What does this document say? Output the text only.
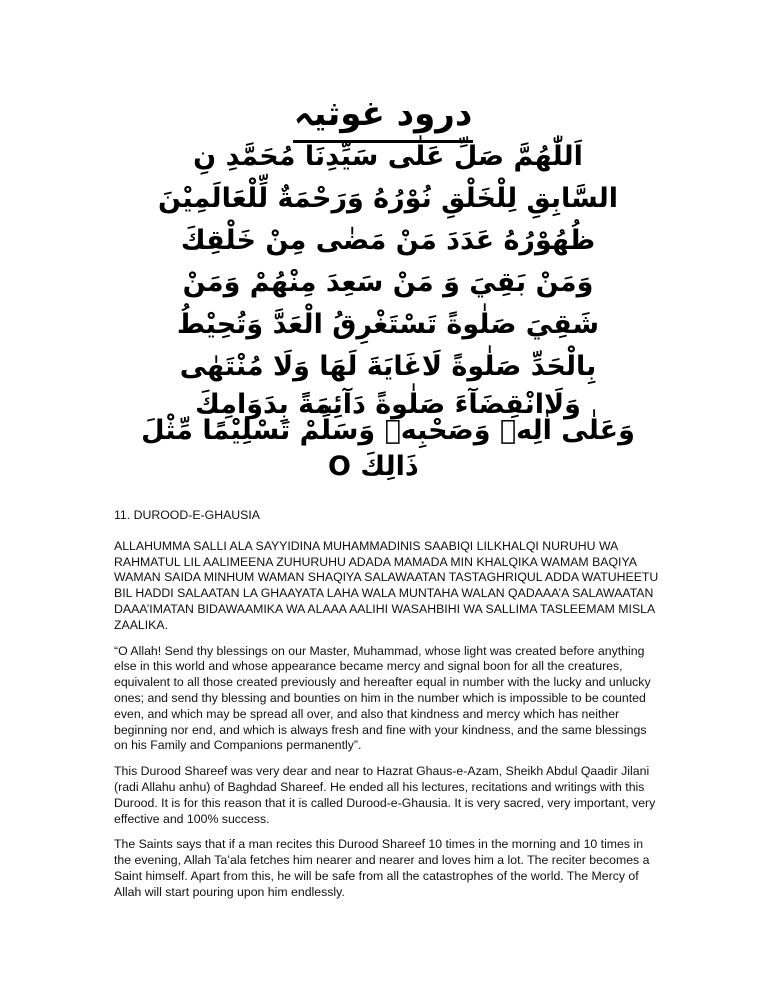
درود غوثیہ
اَللّٰهُمَّ صَلِّ عَلٰى سَيِّدِنَا مُحَمَّدِ نِ
السَّابِقِ لِلْخَلْقِ نُوْرُهُ وَرَحْمَةٌ لِّلْعَالَمِيْنَ
ظُهُوْرُهُ عَدَدَ مَنْ مَضٰى مِنْ خَلْقِكَ
وَمَنْ بَقِيَ وَ مَنْ سَعِدَ مِنْهُمْ وَمَنْ
شَقِيَ صَلٰوةً تَسْتَغْرِقُ الْعَدَّ وَتُحِيْطُ
بِالْحَدِّ صَلٰوةً لَاغَايَةَ لَهَا وَلَا مُنْتَهٰى
وَلَاانْقِضَآءَ صَلٰوةً دَآئِمَةً بِدَوَامِكَ
وَعَلٰى اٰلِهٖ وَصَحْبِهٖ وَسَلِّمْ تَسْلِيْمًا مِّثْلَ
ذَالِكَ O

11. DUROOD-E-GHAUSIA

ALLAHUMMA SALLI ALA SAYYIDINA MUHAMMADINIS SAABIQI LILKHALQI NURUHU WA RAHMATUL LIL AALIMEENA ZUHURUHU ADADA MAMADA MIN KHALQIKA WAMAM BAQIYA WAMAN SAIDA MINHUM WAMAN SHAQIYA SALAWAATAN TASTAGHRIQUL ADDA WATUHEETU BIL HADDI SALAATAN LA GHAAYATA LAHA WALA MUNTAHA WALAN QADAAA’A SALAWAATAN DAAA’IMATAN BIDAWAAMIKA WA ALAAA AALIHI WASAHBIHI WA SALLIMA TASLEEMAM MISLA ZAALIKA.

“O Allah! Send thy blessings on our Master, Muhammad, whose light was created before anything else in this world and whose appearance became mercy and signal boon for all the creatures, equivalent to all those created previously and hereafter equal in number with the lucky and unlucky ones; and send thy blessing and bounties on him in the number which is impossible to be counted even, and which may be spread all over, and also that kindness and mercy which has neither beginning nor end, and which is always fresh and fine with your kindness, and the same blessings on his Family and Companions permanently”.

This Durood Shareef was very dear and near to Hazrat Ghaus-e-Azam, Sheikh Abdul Qaadir Jilani (radi Allahu anhu) of Baghdad Shareef. He ended all his lectures, recitations and writings with this Durood. It is for this reason that it is called Durood-e-Ghausia. It is very sacred, very important, very effective and 100% success.

The Saints says that if a man recites this Durood Shareef 10 times in the morning and 10 times in the evening, Allah Ta’ala fetches him nearer and nearer and loves him a lot. The reciter becomes a Saint himself. Apart from this, he will be safe from all the catastrophes of the world. The Mercy of Allah will start pouring upon him endlessly.
